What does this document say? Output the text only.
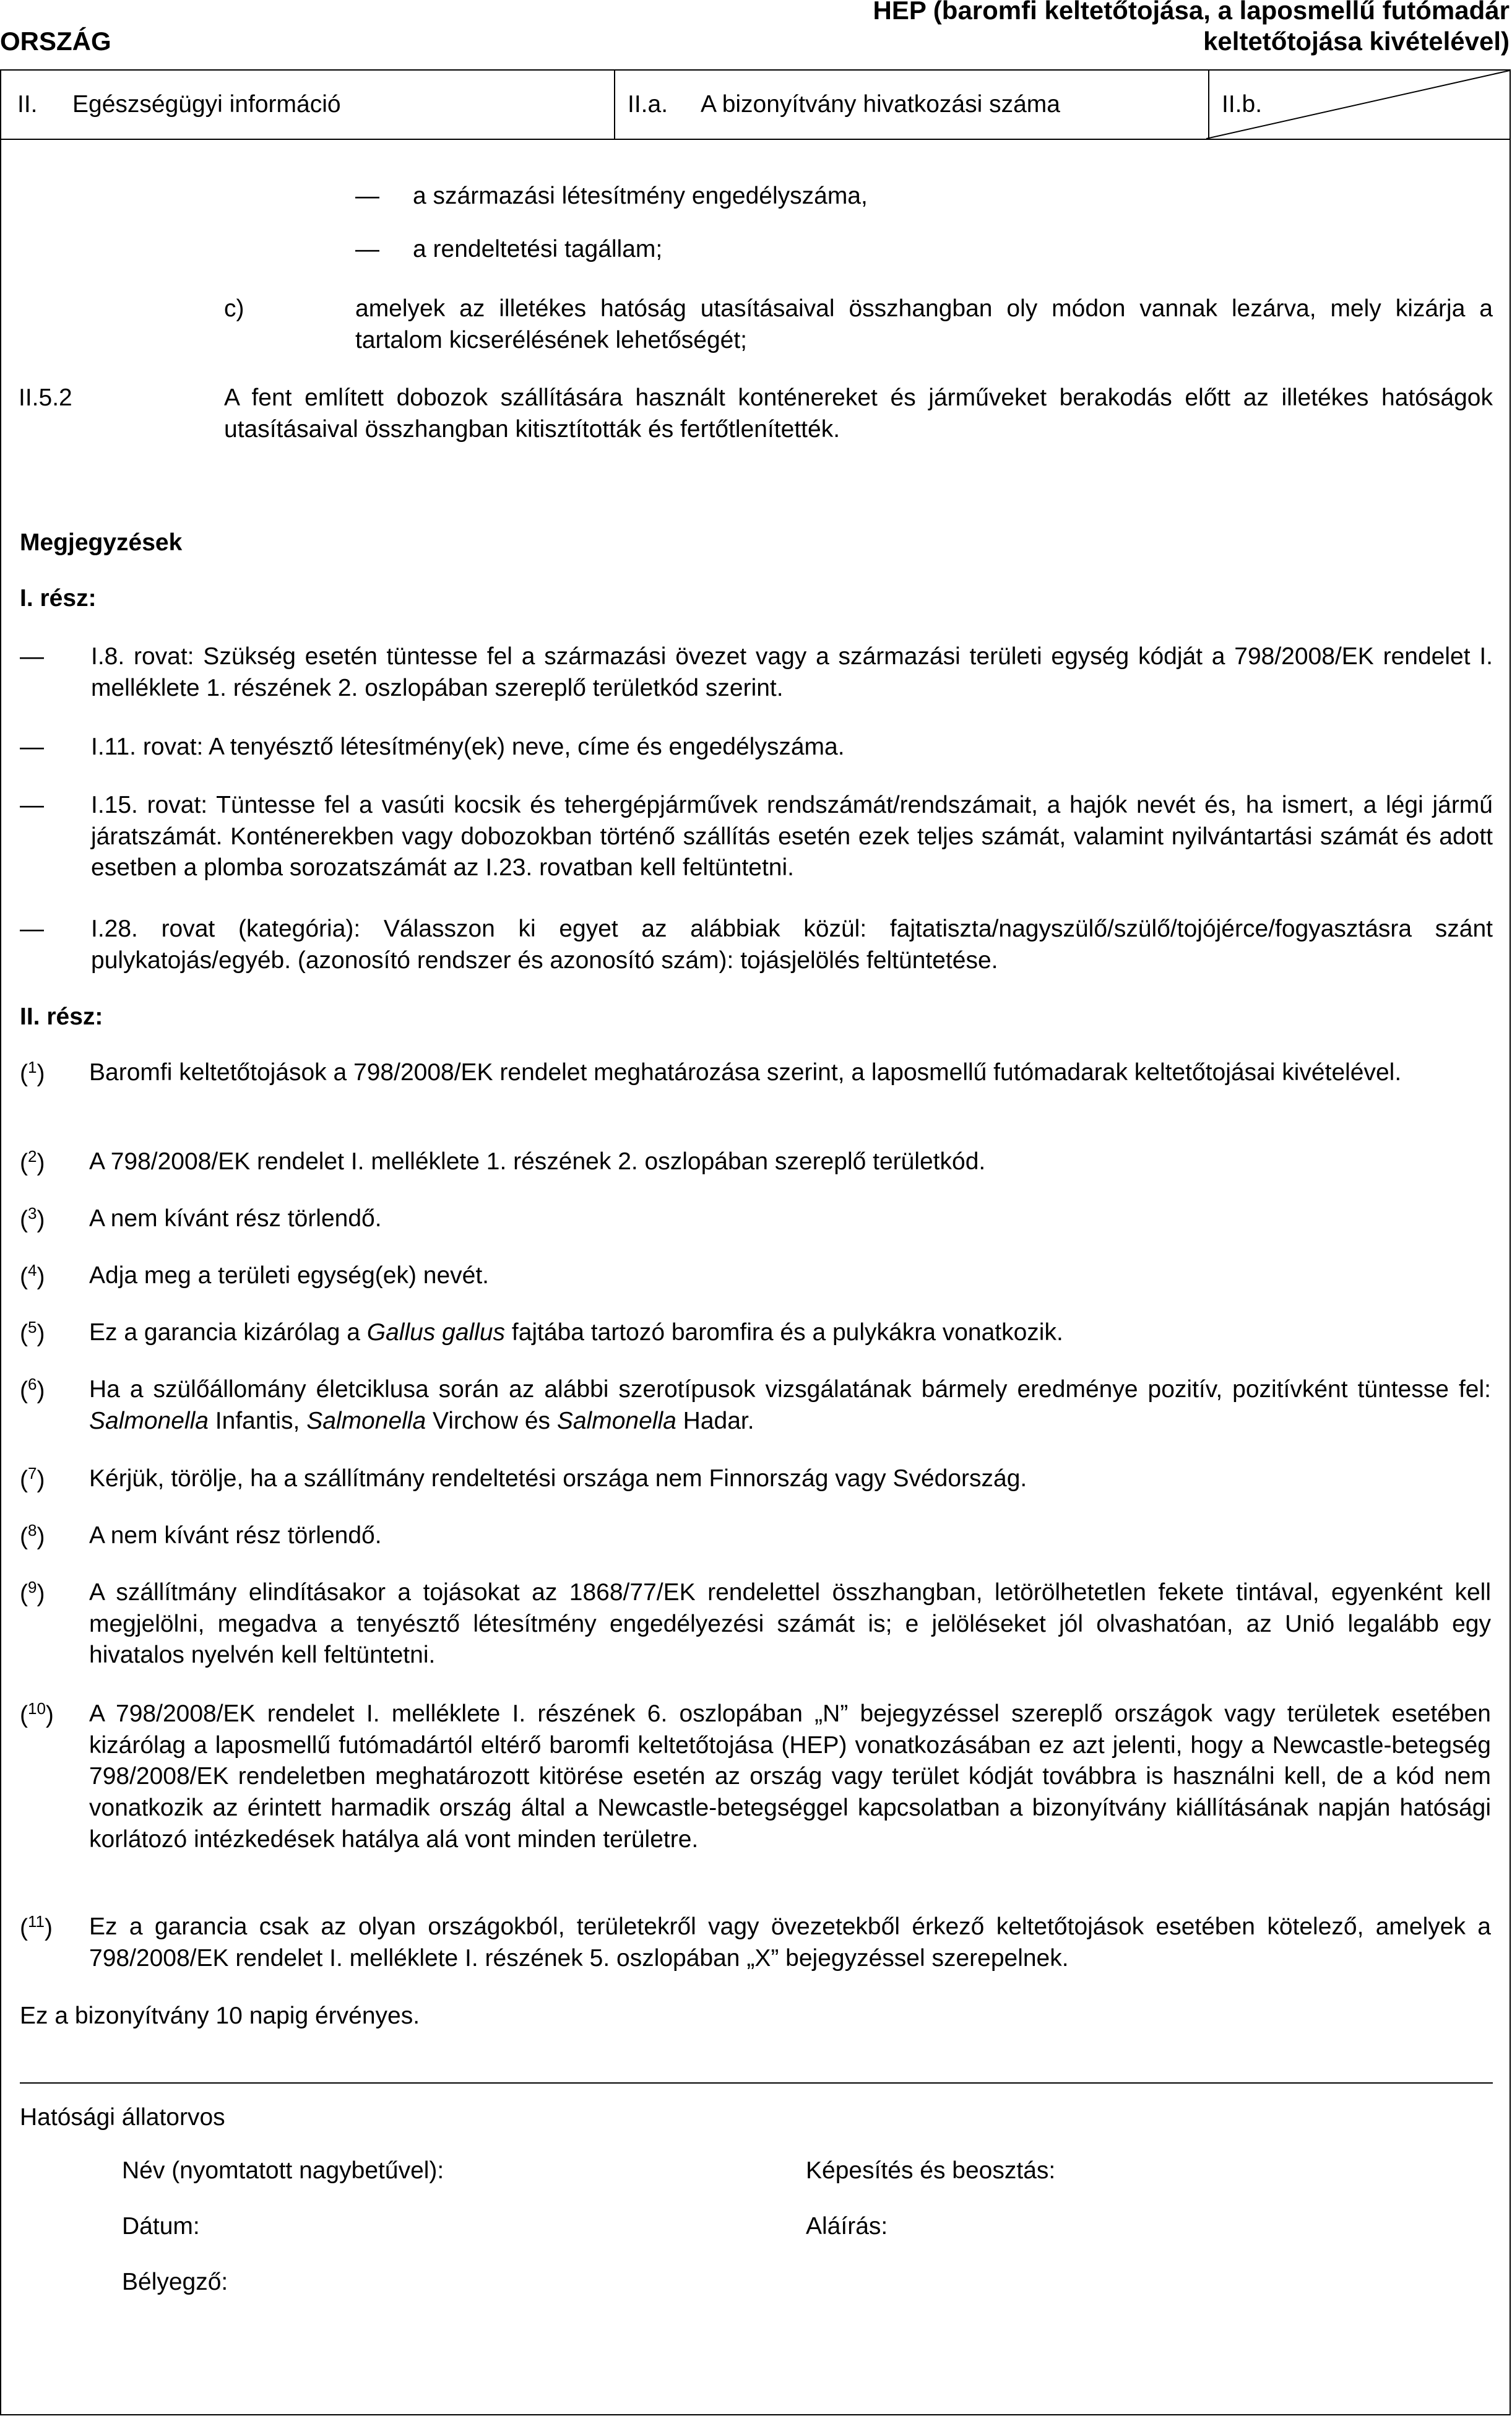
ORSZÁG
HEP (baromfi keltetőtojása, a laposmellű futómadár
keltetőtojása kivételével)
II. Egészségügyi információ	II.a. A bizonyítvány hivatkozási száma	II.b.
— a származási létesítmény engedélyszáma,
— a rendeltetési tagállam;
c)	amelyek az illetékes hatóság utasításaival összhangban oly módon vannak lezárva, mely kizárja a tartalom kicserélésének lehetőségét;
II.5.2	A fent említett dobozok szállítására használt konténereket és járműveket berakodás előtt az illetékes hatóságok utasításaival összhangban kitisztították és fertőtlenítették.
Megjegyzések
I. rész:
— I.8. rovat: Szükség esetén tüntesse fel a származási övezet vagy a származási területi egység kódját a 798/2008/EK rendelet I. melléklete 1. részének 2. oszlopában szereplő területkód szerint.
— I.11. rovat: A tenyésztő létesítmény(ek) neve, címe és engedélyszáma.
— I.15. rovat: Tüntesse fel a vasúti kocsik és tehergépjárművek rendszámát/rendszámait, a hajók nevét és, ha ismert, a légi jármű járatszámát. Konténerekben vagy dobozokban történő szállítás esetén ezek teljes számát, valamint nyilvántartási számát és adott esetben a plomba sorozatszámát az I.23. rovatban kell feltüntetni.
— I.28. rovat (kategória): Válasszon ki egyet az alábbiak közül: fajtatiszta/nagyszülő/szülő/tojójérce/fogyasztásra szánt pulykatojás/egyéb. (azonosító rendszer és azonosító szám): tojásjelölés feltüntetése.
II. rész:
($^1$) Baromfi keltetőtojások a 798/2008/EK rendelet meghatározása szerint, a laposmellű futómadarak keltetőtojásai kivételével.
($^2$) A 798/2008/EK rendelet I. melléklete 1. részének 2. oszlopában szereplő területkód.
($^3$) A nem kívánt rész törlendő.
($^4$) Adja meg a területi egység(ek) nevét.
($^5$) Ez a garancia kizárólag a Gallus gallus fajtába tartozó baromfira és a pulykákra vonatkozik.
($^6$) Ha a szülőállomány életciklusa során az alábbi szerotípusok vizsgálatának bármely eredménye pozitív, pozitívként tüntesse fel: Salmonella Infantis, Salmonella Virchow és Salmonella Hadar.
($^7$) Kérjük, törölje, ha a szállítmány rendeltetési országa nem Finnország vagy Svédország.
($^8$) A nem kívánt rész törlendő.
($^9$) A szállítmány elindításakor a tojásokat az 1868/77/EK rendelettel összhangban, letörölhetetlen fekete tintával, egyenként kell megjelölni, megadva a tenyésztő létesítmény engedélyezési számát is; e jelöléseket jól olvashatóan, az Unió legalább egy hivatalos nyelvén kell feltüntetni.
($^{10}$) A 798/2008/EK rendelet I. melléklete I. részének 6. oszlopában „N” bejegyzéssel szereplő országok vagy területek esetében kizárólag a laposmellű futómadártól eltérő baromfi keltetőtojása (HEP) vonatkozásában ez azt jelenti, hogy a Newcastle-betegség 798/2008/EK rendeletben meghatározott kitörése esetén az ország vagy terület kódját továbbra is használni kell, de a kód nem vonatkozik az érintett harmadik ország által a Newcastle-betegséggel kapcsolatban a bizonyítvány kiállításának napján hatósági korlátozó intézkedések hatálya alá vont minden területre.
($^{11}$) Ez a garancia csak az olyan országokból, területekről vagy övezetekből érkező keltetőtojások esetében kötelező, amelyek a 798/2008/EK rendelet I. melléklete I. részének 5. oszlopában „X” bejegyzéssel szerepelnek.
Ez a bizonyítvány 10 napig érvényes.
Hatósági állatorvos
Név (nyomtatott nagybetűvel):	Képesítés és beosztás:
Dátum:	Aláírás:
Bélyegző:
